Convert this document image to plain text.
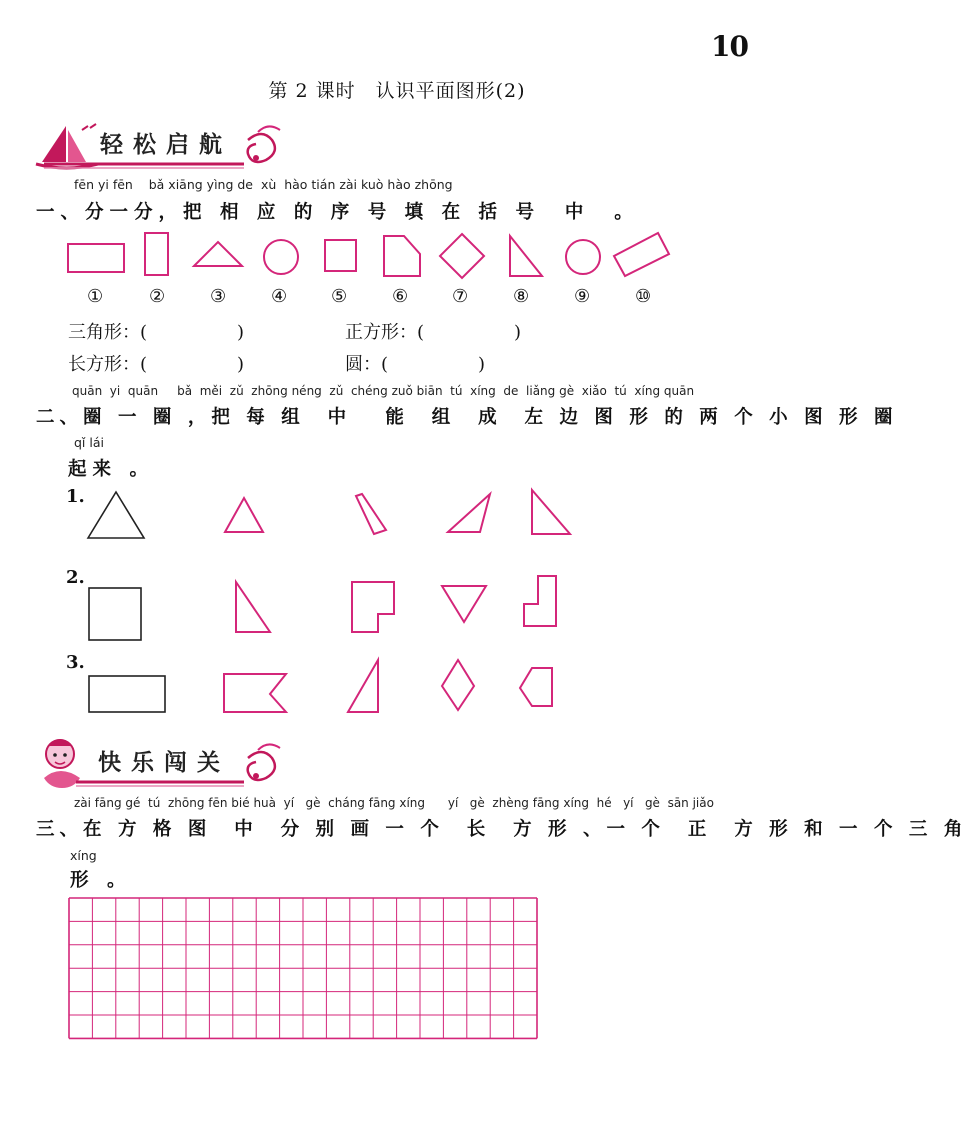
10
第 2 课时　认识平面图形(2)
轻松启航
fēn yi fēn    bǎ xiāng yìng de  xù  hào tián zài kuò hào zhōng
一、分一分，把 相 应 的 序 号 填 在 括 号  中  。
①	② ③ ④ ⑤ ⑥ ⑦ ⑧ ⑨ ⑩
三角形：(　　　　　)	正方形：(　　　　　)
长方形：(　　　　　)	圆：(　　　　　)
quān  yi  quān     bǎ  měi  zǔ  zhōng néng  zǔ  chéng zuǒ biān  tú  xíng  de  liǎng gè  xiǎo  tú  xíng quān
二、圈 一 圈 ，把 每 组  中   能  组  成  左 边 图 形 的 两 个 小 图 形 圈
qǐ lái
起来 。
1.
2.
3.
快乐闯关
zài fāng gé  tú  zhōng fēn bié huà  yí   gè  cháng fāng xíng      yí   gè  zhèng fāng xíng  hé   yí   gè  sān jiǎo
三、在 方 格 图  中  分 别 画 一 个  长  方 形 、一 个  正  方 形 和 一 个 三 角
xíng
形 。
